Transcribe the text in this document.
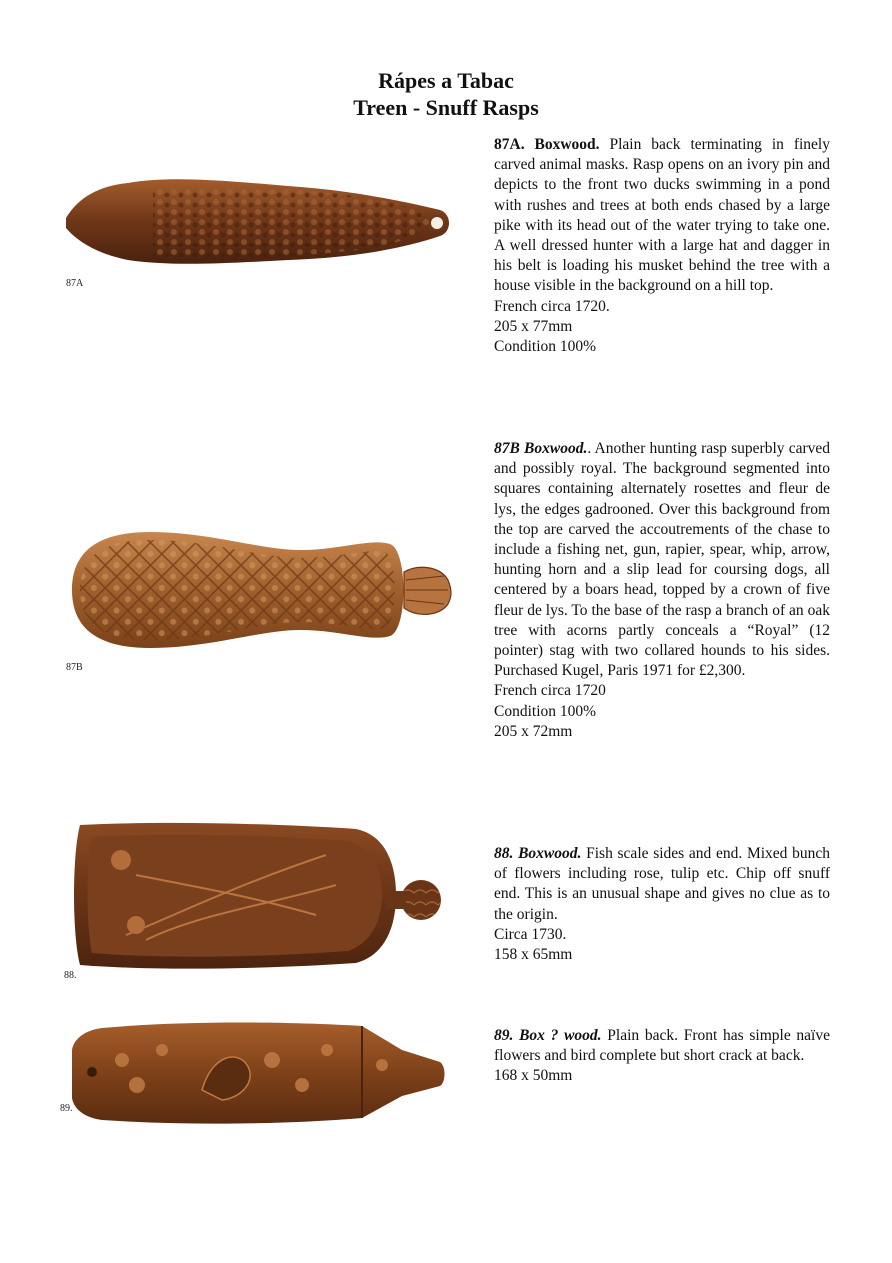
Rápes a Tabac
Treen - Snuff Rasps
87A
87A. Boxwood. Plain back terminating in finely carved animal masks. Rasp opens on an ivory pin and depicts to the front two ducks swimming in a pond with rushes and trees at both ends chased by a large pike with its head out of the water trying to take one. A well dressed hunter with a large hat and dagger in his belt is loading his musket behind the tree with a house visible in the background on a hill top.
French circa 1720.
205 x 77mm
Condition 100%
87B
87B Boxwood.. Another hunting rasp superbly carved and possibly royal. The background segmented into squares containing alternately rosettes and fleur de lys, the edges gadrooned. Over this background from the top are carved the accoutrements of the chase to include a fishing net, gun, rapier, spear, whip, arrow, hunting horn and a slip lead for coursing dogs, all centered by a boars head, topped by a crown of five fleur de lys. To the base of the rasp a branch of an oak tree with acorns partly conceals a “Royal” (12 pointer) stag with two collared hounds to his sides. Purchased Kugel, Paris 1971 for £2,300.
French circa 1720
Condition 100%
205 x 72mm
88.
88. Boxwood. Fish scale sides and end. Mixed bunch of flowers including rose, tulip etc. Chip off snuff end. This is an unusual shape and gives no clue as to the origin.
Circa 1730.
158 x 65mm
89.
89. Box ? wood. Plain back. Front has simple naïve flowers and bird complete but short crack at back.
168 x 50mm
